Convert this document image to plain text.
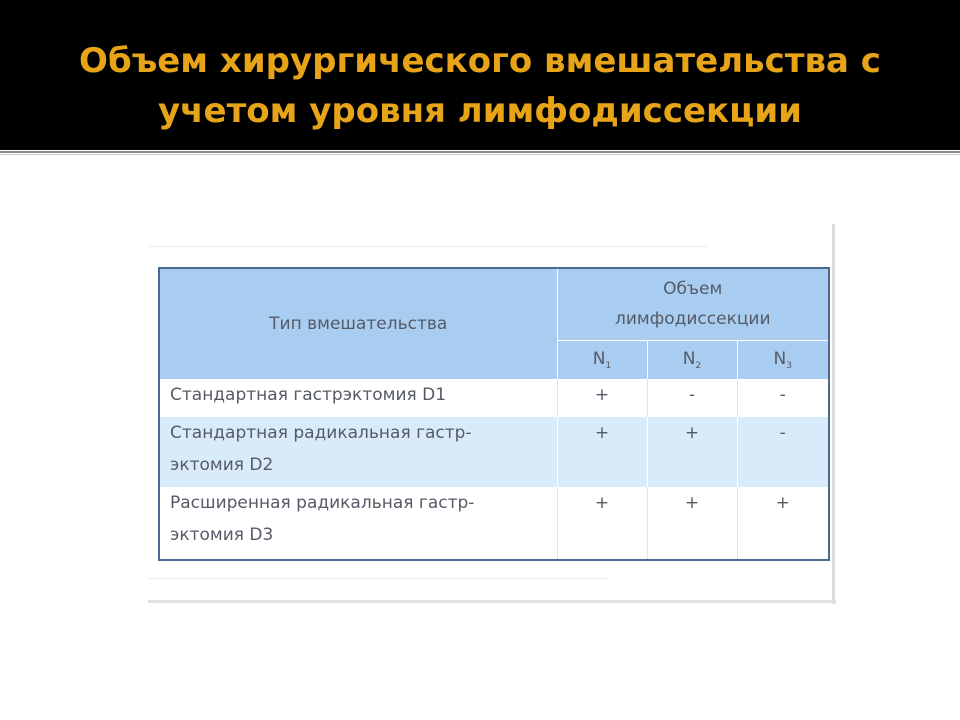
Объем хирургического вмешательства с
учетом уровня лимфодиссекции
Тип вмешательства	Объем
лимфодиссекции		

	$N_1$	$N_2$	$N_3$

Стандартная гастрэктомия D1	+	-	-

Стандартная радикальная гастр-
эктомия D2	+	+	-

Расширенная радикальная гастр-
эктомия D3	+	+	+
